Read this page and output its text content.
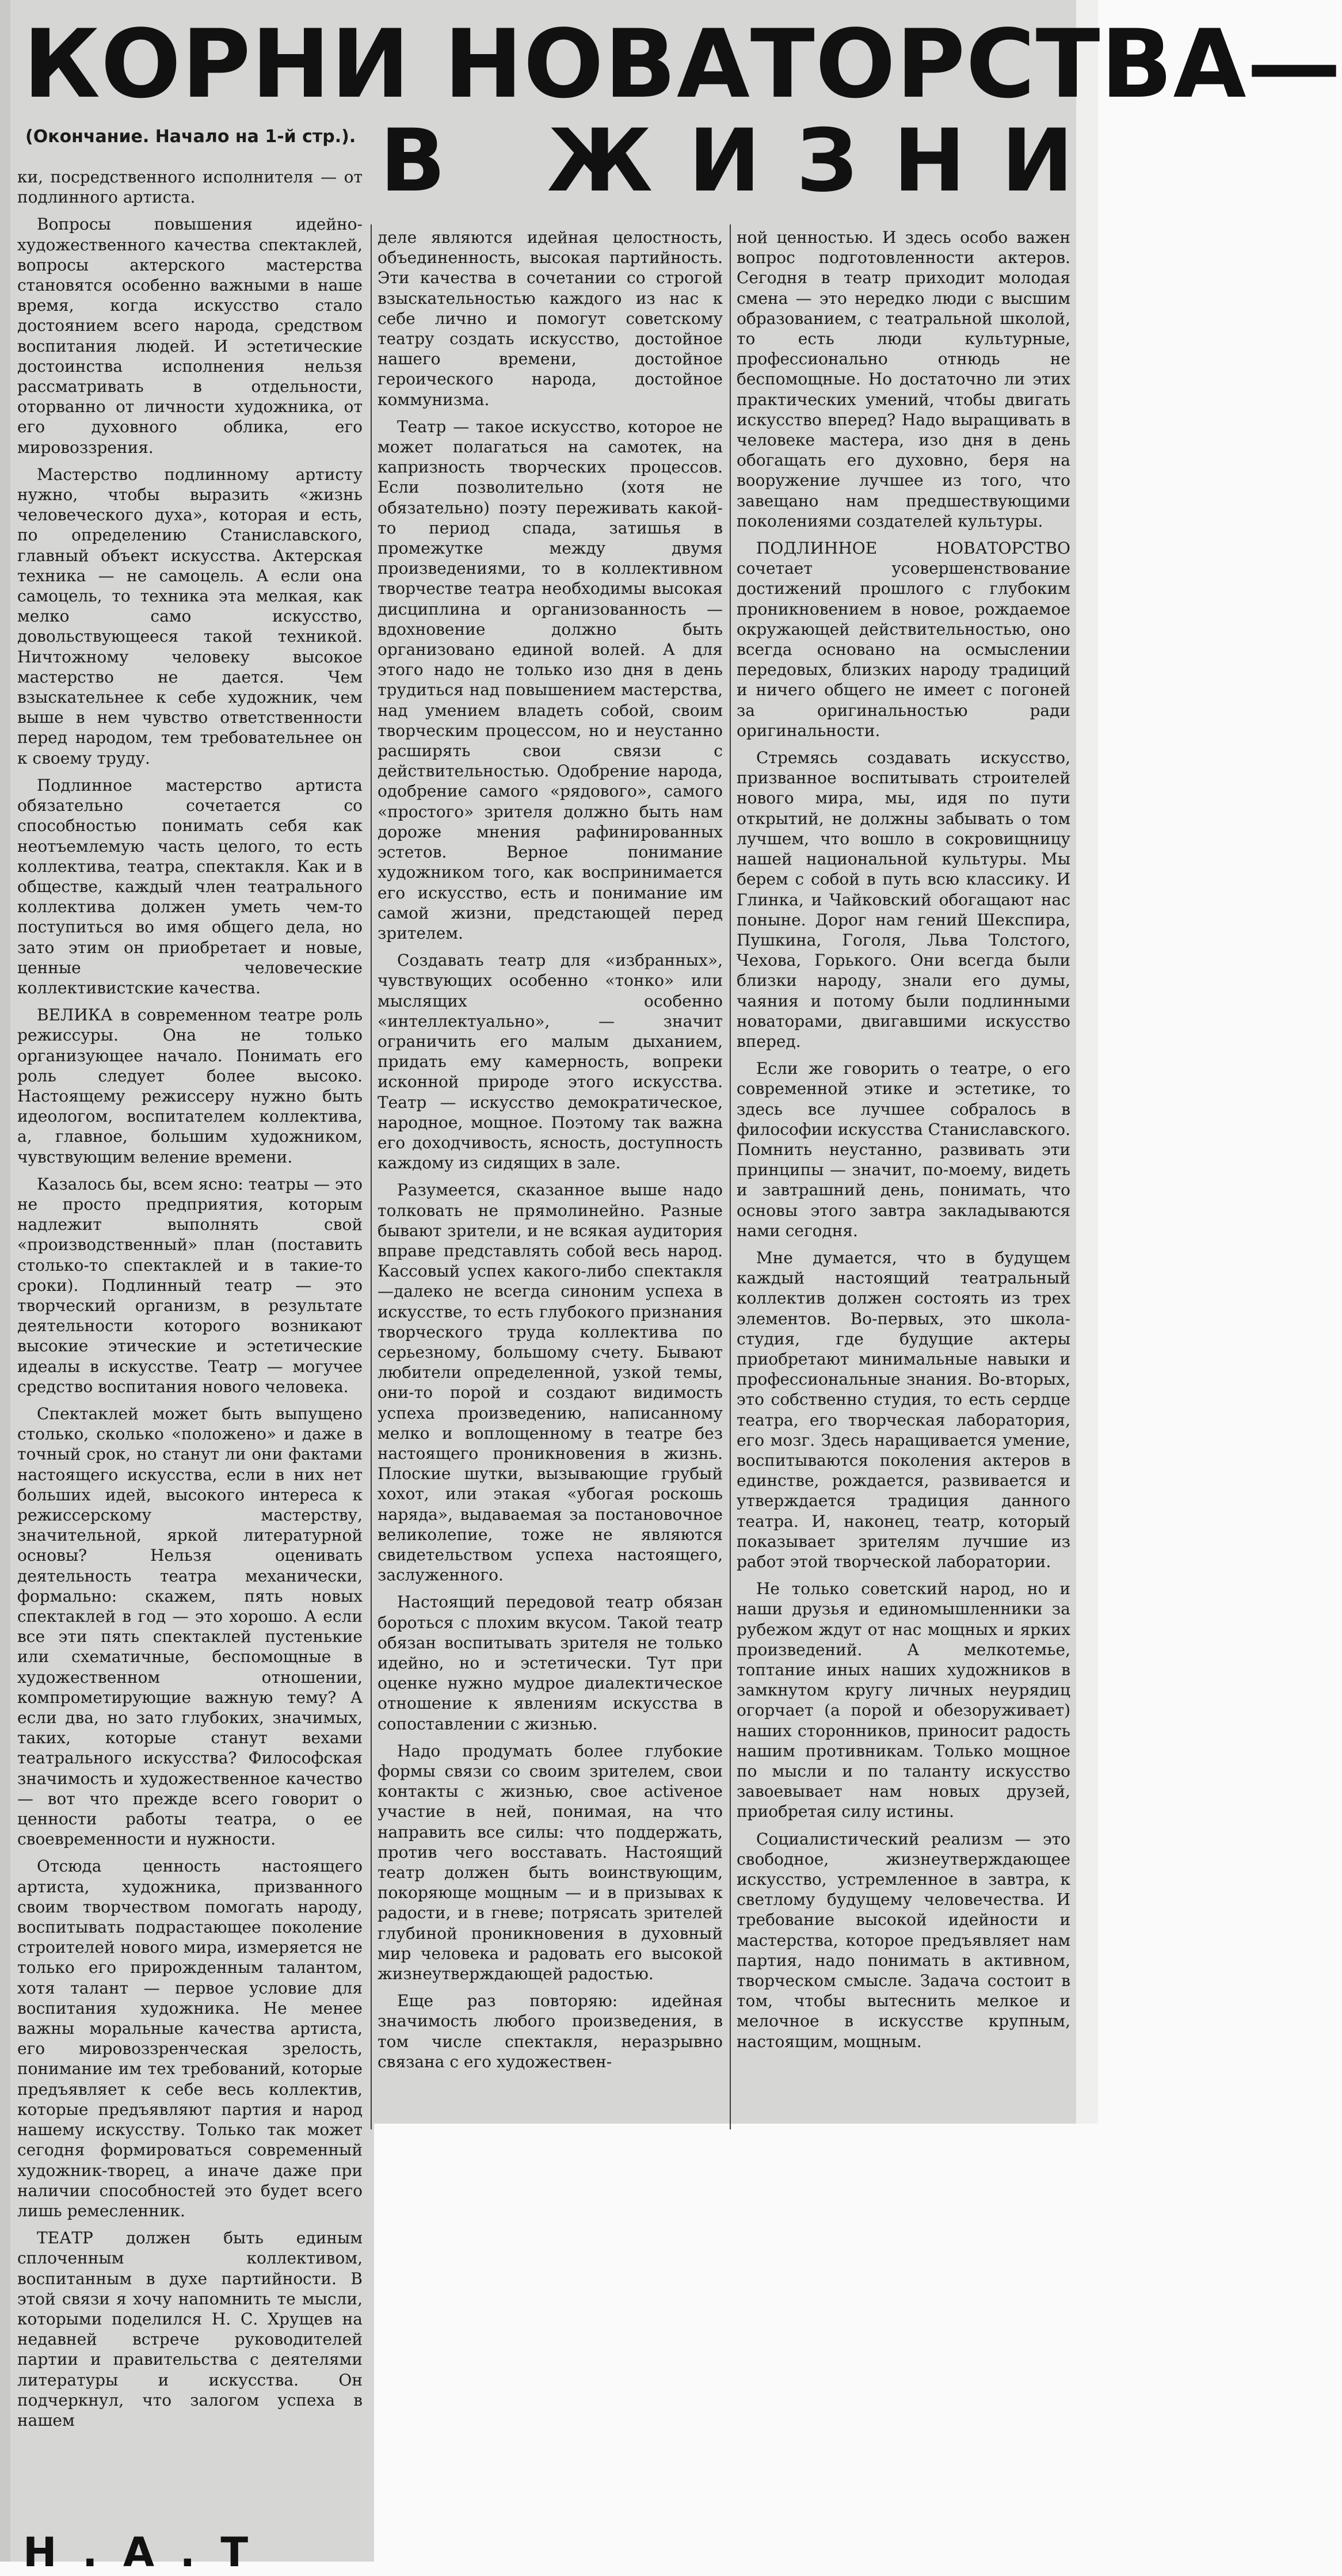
КОРНИ НОВАТОРСТВА—
В ЖИЗНИ
(Окончание. Начало на 1-й стр.).

ки, посредственного исполнителя — от подлинного артиста.

Вопросы повышения идейно-художественного качества спектаклей, вопросы актерского мастерства становятся особенно важными в наше время, когда искусство стало достоянием всего народа, средством воспитания людей. И эстетические достоинства исполнения нельзя рассматривать в отдельности, оторванно от личности художника, от его духовного облика, его мировоззрения.

Мастерство подлинному артисту нужно, чтобы выразить «жизнь человеческого духа», которая и есть, по определению Станиславского, главный объект искусства. Актерская техника — не самоцель. А если она самоцель, то техника эта мелкая, как мелко само искусство, довольствующееся такой техникой. Ничтожному человеку высокое мастерство не дается. Чем взыскательнее к себе художник, чем выше в нем чувство ответственности перед народом, тем требовательнее он к своему труду.

Подлинное мастерство артиста обязательно сочетается со способностью понимать себя как неотъемлемую часть целого, то есть коллектива, театра, спектакля. Как и в обществе, каждый член театрального коллектива должен уметь чем-то поступиться во имя общего дела, но зато этим он приобретает и новые, ценные человеческие коллективистские качества.

ВЕЛИКА в современном театре роль режиссуры. Она не только организующее начало. Понимать его роль следует более высоко. Настоящему режиссеру нужно быть идеологом, воспитателем коллектива, а, главное, большим художником, чувствующим веление времени.

Казалось бы, всем ясно: театры — это не просто предприятия, которым надлежит выполнять свой «производственный» план (поставить столько-то спектаклей и в такие-то сроки). Подлинный театр — это творческий организм, в результате деятельности которого возникают высокие этические и эстетические идеалы в искусстве. Театр — могучее средство воспитания нового человека.

Спектаклей может быть выпущено столько, сколько «положено» и даже в точный срок, но станут ли они фактами настоящего искусства, если в них нет больших идей, высокого интереса к режиссерскому мастерству, значительной, яркой литературной основы? Нельзя оценивать деятельность театра механически, формально: скажем, пять новых спектаклей в год — это хорошо. А если все эти пять спектаклей пустенькие или схематичные, беспомощные в художественном отношении, компрометирующие важную тему? А если два, но зато глубоких, значимых, таких, которые станут вехами театрального искусства? Философская значимость и художественное качество — вот что прежде всего говорит о ценности работы театра, о ее своевременности и нужности.

Отсюда ценность настоящего артиста, художника, призванного своим творчеством помогать народу, воспитывать подрастающее поколение строителей нового мира, измеряется не только его прирожденным талантом, хотя талант — первое условие для воспитания художника. Не менее важны моральные качества артиста, его мировоззренческая зрелость, понимание им тех требований, которые предъявляет к себе весь коллектив, которые предъявляют партия и народ нашему искусству. Только так может сегодня формироваться современный художник-творец, а иначе даже при наличии способностей это будет всего лишь ремесленник.

ТЕАТР должен быть единым сплоченным коллективом, воспитанным в духе партийности. В этой связи я хочу напомнить те мысли, которыми поделился Н. С. Хрущев на недавней встрече руководителей партии и правительства с деятелями литературы и искусства. Он подчеркнул, что залогом успеха в нашем

деле являются идейная целостность, объединенность, высокая партийность. Эти качества в сочетании со строгой взыскательностью каждого из нас к себе лично и помогут советскому театру создать искусство, достойное нашего времени, достойное героического народа, достойное коммунизма.

Театр — такое искусство, которое не может полагаться на самотек, на капризность творческих процессов. Если позволительно (хотя не обязательно) поэту переживать какой-то период спада, затишья в промежутке между двумя произведениями, то в коллективном творчестве театра необходимы высокая дисциплина и организованность — вдохновение должно быть организовано единой волей. А для этого надо не только изо дня в день трудиться над повышением мастерства, над умением владеть собой, своим творческим процессом, но и неустанно расширять свои связи с действительностью. Одобрение народа, одобрение самого «рядового», самого «простого» зрителя должно быть нам дороже мнения рафинированных эстетов. Верное понимание художником того, как воспринимается его искусство, есть и понимание им самой жизни, предстающей перед зрителем.

Создавать театр для «избранных», чувствующих особенно «тонко» или мыслящих особенно «интеллектуально», — значит ограничить его малым дыханием, придать ему камерность, вопреки исконной природе этого искусства. Театр — искусство демократическое, народное, мощное. Поэтому так важна его доходчивость, ясность, доступность каждому из сидящих в зале.

Разумеется, сказанное выше надо толковать не прямолинейно. Разные бывают зрители, и не всякая аудитория вправе представлять собой весь народ. Кассовый успех какого-либо спектакля—далеко не всегда синоним успеха в искусстве, то есть глубокого признания творческого труда коллектива по серьезному, большому счету. Бывают любители определенной, узкой темы, они-то порой и создают видимость успеха произведению, написанному мелко и воплощенному в театре без настоящего проникновения в жизнь. Плоские шутки, вызывающие грубый хохот, или этакая «убогая роскошь наряда», выдаваемая за постановочное великолепие, тоже не являются свидетельством успеха настоящего, заслуженного.

Настоящий передовой театр обязан бороться с плохим вкусом. Такой театр обязан воспитывать зрителя не только идейно, но и эстетически. Тут при оценке нужно мудрое диалектическое отношение к явлениям искусства в сопоставлении с жизнью.

Надо продумать более глубокие формы связи со своим зрителем, свои контакты с жизнью, свое activeное участие в ней, понимая, на что направить все силы: что поддержать, против чего восставать. Настоящий театр должен быть воинствующим, покоряюще мощным — и в призывах к радости, и в гневе; потрясать зрителей глубиной проникновения в духовный мир человека и радовать его высокой жизнеутверждающей радостью.

Еще раз повторяю: идейная значимость любого произведения, в том числе спектакля, неразрывно связана с его художествен-

ной ценностью. И здесь особо важен вопрос подготовленности актеров. Сегодня в театр приходит молодая смена — это нередко люди с высшим образованием, с театральной школой, то есть люди культурные, профессионально отнюдь не беспомощные. Но достаточно ли этих практических умений, чтобы двигать искусство вперед? Надо выращивать в человеке мастера, изо дня в день обогащать его духовно, беря на вооружение лучшее из того, что завещано нам предшествующими поколениями создателей культуры.

ПОДЛИННОЕ НОВАТОРСТВО сочетает усовершенствование достижений прошлого с глубоким проникновением в новое, рождаемое окружающей действительностью, оно всегда основано на осмыслении передовых, близких народу традиций и ничего общего не имеет с погоней за оригинальностью ради оригинальности.

Стремясь создавать искусство, призванное воспитывать строителей нового мира, мы, идя по пути открытий, не должны забывать о том лучшем, что вошло в сокровищницу нашей национальной культуры. Мы берем с собой в путь всю классику. И Глинка, и Чайковский обогащают нас поныне. Дорог нам гений Шекспира, Пушкина, Гоголя, Льва Толстого, Чехова, Горького. Они всегда были близки народу, знали его думы, чаяния и потому были подлинными новаторами, двигавшими искусство вперед.

Если же говорить о театре, о его современной этике и эстетике, то здесь все лучшее собралось в философии искусства Станиславского. Помнить неустанно, развивать эти принципы — значит, по-моему, видеть и завтрашний день, понимать, что основы этого завтра закладываются нами сегодня.

Мне думается, что в будущем каждый настоящий театральный коллектив должен состоять из трех элементов. Во-первых, это школа-студия, где будущие актеры приобретают минимальные навыки и профессиональные знания. Во-вторых, это собственно студия, то есть сердце театра, его творческая лаборатория, его мозг. Здесь наращивается умение, воспитываются поколения актеров в единстве, рождается, развивается и утверждается традиция данного театра. И, наконец, театр, который показывает зрителям лучшие из работ этой творческой лаборатории.

Не только советский народ, но и наши друзья и единомышленники за рубежом ждут от нас мощных и ярких произведений. А мелкотемье, топтание иных наших художников в замкнутом кругу личных неурядиц огорчает (а порой и обезоруживает) наших сторонников, приносит радость нашим противникам. Только мощное по мысли и по таланту искусство завоевывает нам новых друзей, приобретая силу истины.

Социалистический реализм — это свободное, жизнеутверждающее искусство, устремленное в завтра, к светлому будущему человечества. И требование высокой идейности и мастерства, которое предъявляет нам партия, надо понимать в активном, творческом смысле. Задача состоит в том, чтобы вытеснить мелкое и мелочное в искусстве крупным, настоящим, мощным.

Н . А . Т
